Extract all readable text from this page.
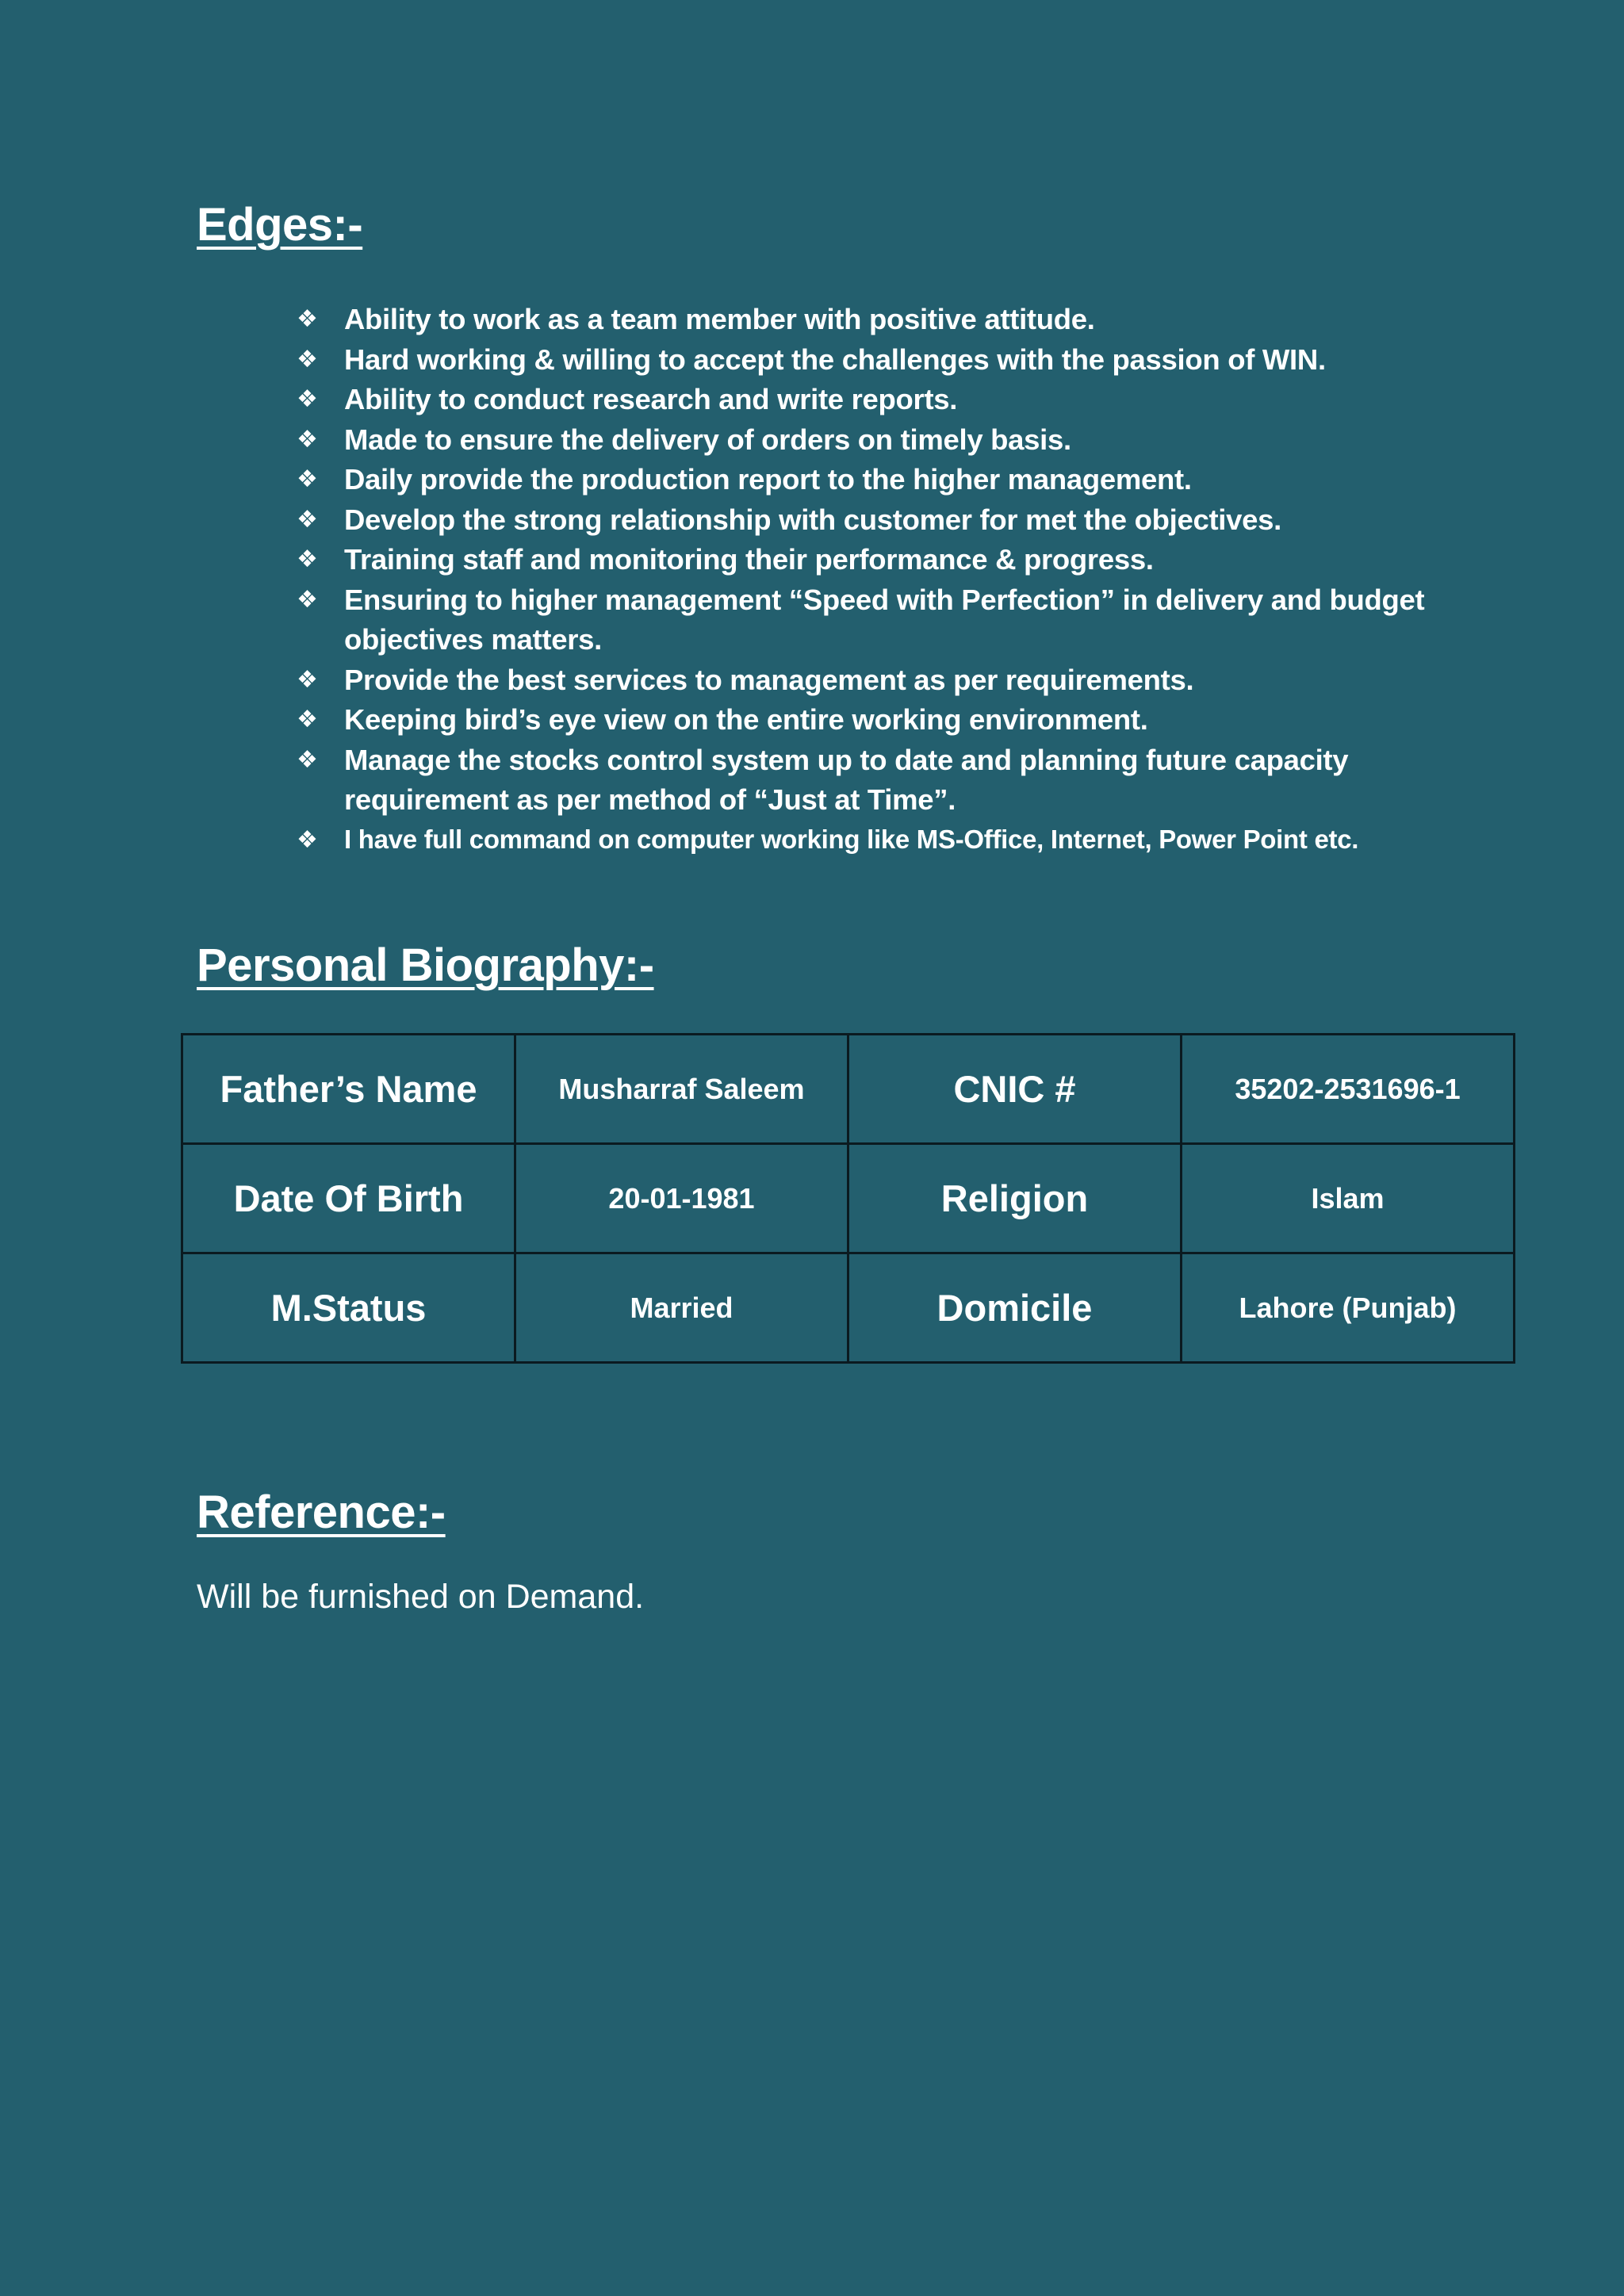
Edges:-
❖ Ability to work as a team member with positive attitude.
❖ Hard working & willing to accept the challenges with the passion of WIN.
❖ Ability to conduct research and write reports.
❖ Made to ensure the delivery of orders on timely basis.
❖ Daily provide the production report to the higher management.
❖ Develop the strong relationship with customer for met the objectives.
❖ Training staff and monitoring their performance & progress.
❖ Ensuring to higher management “Speed with Perfection” in delivery and budget objectives matters.
❖ Provide the best services to management as per requirements.
❖ Keeping bird’s eye view on the entire working environment.
❖ Manage the stocks control system up to date and planning future capacity requirement as per method of “Just at Time”.
❖ I have full command on computer working like MS-Office, Internet, Power Point etc.
Personal Biography:-
Father’s Name	Musharraf Saleem	CNIC #	35202-2531696-1
Date Of Birth	20-01-1981	Religion	Islam
M.Status	Married	Domicile	Lahore (Punjab)
Reference:-

Will be furnished on Demand.
